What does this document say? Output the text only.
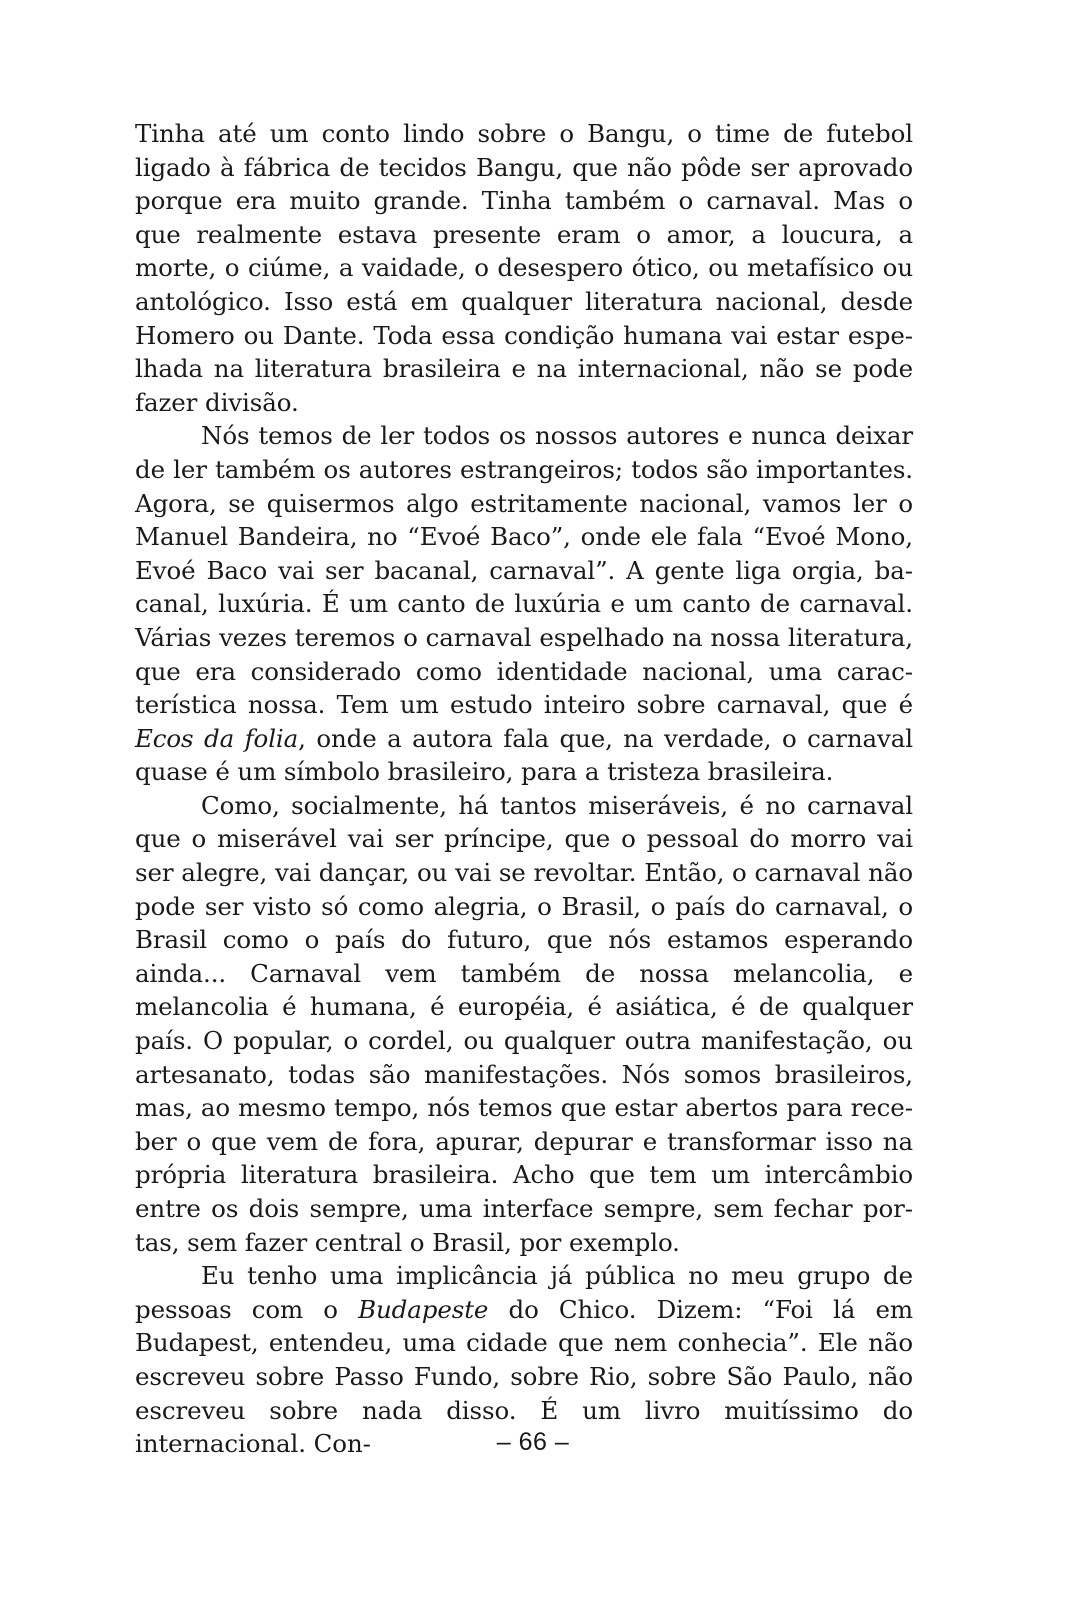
Tinha até um conto lindo sobre o Bangu, o time de futebol ligado à fábrica de tecidos Bangu, que não pôde ser aprovado porque era muito grande. Tinha também o carnaval. Mas o que realmente estava presente eram o amor, a loucura, a morte, o ciúme, a vaidade, o desespero ótico, ou metafísico ou antológico. Isso está em qualquer literatura nacional, desde Homero ou Dante. Toda essa condição humana vai estar espelhada na literatura brasileira e na internacional, não se pode fazer divisão.

Nós temos de ler todos os nossos autores e nunca deixar de ler também os autores estrangeiros; todos são importantes. Agora, se quisermos algo estritamente nacional, vamos ler o Manuel Bandeira, no “Evoé Baco”, onde ele fala “Evoé Mono, Evoé Baco vai ser bacanal, carnaval”. A gente liga orgia, bacanal, luxúria. É um canto de luxúria e um canto de carnaval. Várias vezes teremos o carnaval espelhado na nossa literatura, que era considerado como identidade nacional, uma característica nossa. Tem um estudo inteiro sobre carnaval, que é Ecos da folia, onde a autora fala que, na verdade, o carnaval quase é um símbolo brasileiro, para a tristeza brasileira.

Como, socialmente, há tantos miseráveis, é no carnaval que o miserável vai ser príncipe, que o pessoal do morro vai ser alegre, vai dançar, ou vai se revoltar. Então, o carnaval não pode ser visto só como alegria, o Brasil, o país do carnaval, o Brasil como o país do futuro, que nós estamos esperando ainda... Carnaval vem também de nossa melancolia, e melancolia é humana, é européia, é asiática, é de qualquer país. O popular, o cordel, ou qualquer outra manifestação, ou artesanato, todas são manifestações. Nós somos brasileiros, mas, ao mesmo tempo, nós temos que estar abertos para receber o que vem de fora, apurar, depurar e transformar isso na própria literatura brasileira. Acho que tem um intercâmbio entre os dois sempre, uma interface sempre, sem fechar portas, sem fazer central o Brasil, por exemplo.

Eu tenho uma implicância já pública no meu grupo de pessoas com o Budapeste do Chico. Dizem: “Foi lá em Budapest, entendeu, uma cidade que nem conhecia”. Ele não escreveu sobre Passo Fundo, sobre Rio, sobre São Paulo, não escreveu sobre nada disso. É um livro muitíssimo do internacional. Con-	– 66 –
